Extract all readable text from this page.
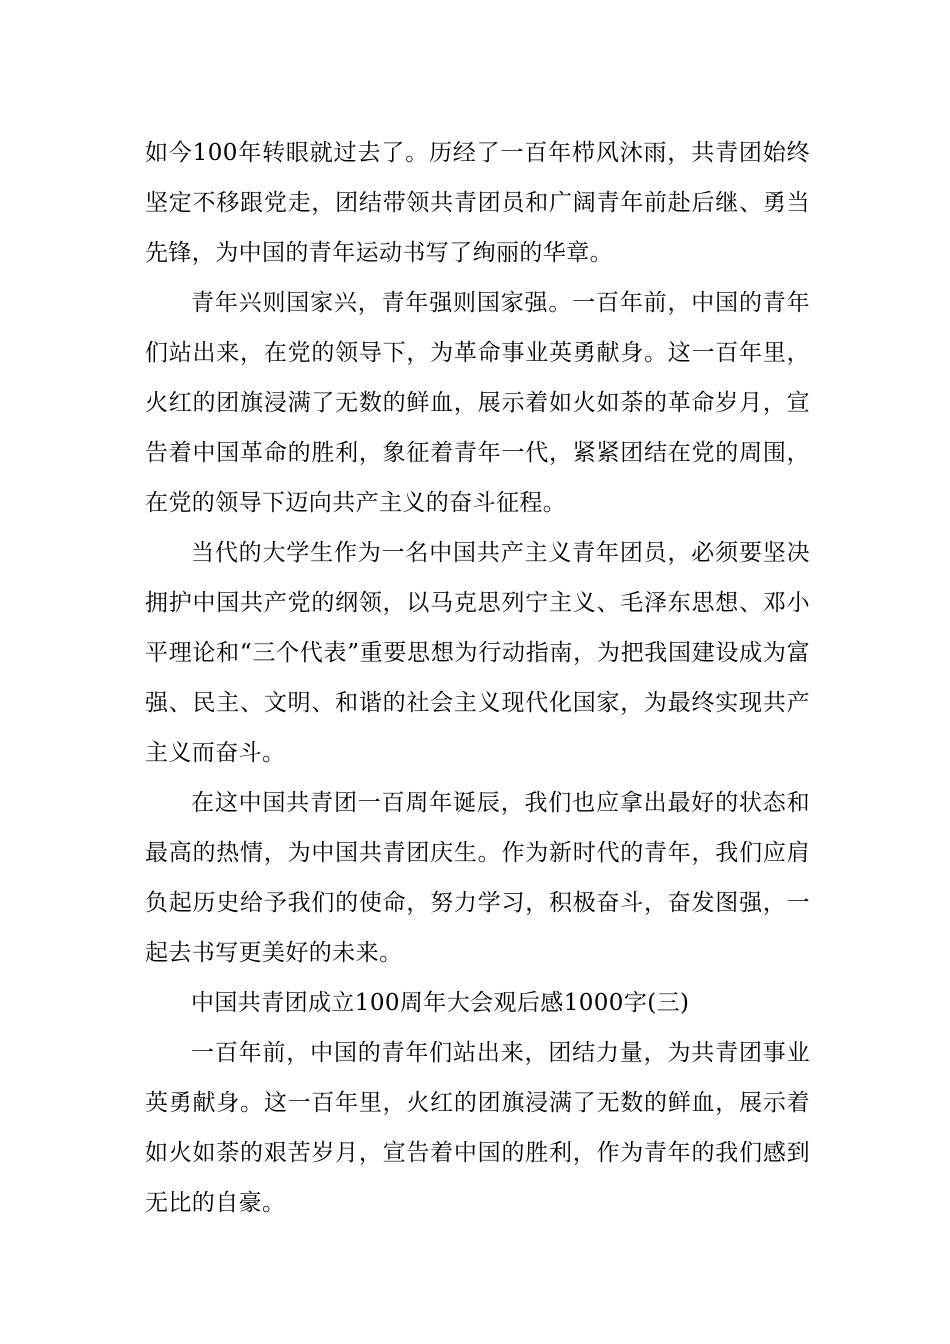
如今100年转眼就过去了。历经了一百年栉风沐雨，共青团始终坚定不移跟党走，团结带领共青团员和广阔青年前赴后继、勇当先锋，为中国的青年运动书写了绚丽的华章。

青年兴则国家兴，青年强则国家强。一百年前，中国的青年们站出来，在党的领导下，为革命事业英勇献身。这一百年里，火红的团旗浸满了无数的鲜血，展示着如火如荼的革命岁月，宣告着中国革命的胜利，象征着青年一代，紧紧团结在党的周围，在党的领导下迈向共产主义的奋斗征程。

当代的大学生作为一名中国共产主义青年团员，必须要坚决拥护中国共产党的纲领，以马克思列宁主义、毛泽东思想、邓小平理论和“三个代表”重要思想为行动指南，为把我国建设成为富强、民主、文明、和谐的社会主义现代化国家，为最终实现共产主义而奋斗。

在这中国共青团一百周年诞辰，我们也应拿出最好的状态和最高的热情，为中国共青团庆生。作为新时代的青年，我们应肩负起历史给予我们的使命，努力学习，积极奋斗，奋发图强，一起去书写更美好的未来。

中国共青团成立100周年大会观后感1000字(三)

一百年前，中国的青年们站出来，团结力量，为共青团事业英勇献身。这一百年里，火红的团旗浸满了无数的鲜血，展示着如火如荼的艰苦岁月，宣告着中国的胜利，作为青年的我们感到无比的自豪。
